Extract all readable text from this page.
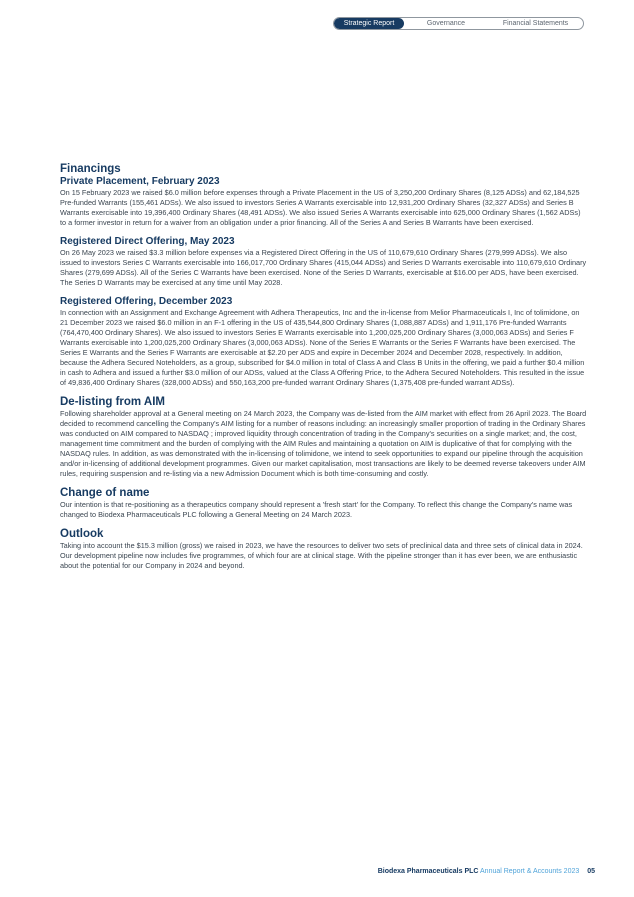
Strategic Report	Governance	Financial Statements
Financings
Private Placement, February 2023

On 15 February 2023 we raised $6.0 million before expenses through a Private Placement in the US of 3,250,200 Ordinary Shares (8,125 ADSs) and 62,184,525 Pre-funded Warrants (155,461 ADSs). We also issued to investors Series A Warrants exercisable into 12,931,200 Ordinary Shares (32,327 ADSs) and Series B Warrants exercisable into 19,396,400 Ordinary Shares (48,491 ADSs). We also issued Series A Warrants exercisable into 625,000 Ordinary Shares (1,562 ADSs) to a former investor in return for a waiver from an obligation under a prior financing. All of the Series A and Series B Warrants have been exercised.

Registered Direct Offering, May 2023

On 26 May 2023 we raised $3.3 million before expenses via a Registered Direct Offering in the US of 110,679,610 Ordinary Shares (279,999 ADSs). We also issued to investors Series C Warrants exercisable into 166,017,700 Ordinary Shares (415,044 ADSs) and Series D Warrants exercisable into 110,679,610 Ordinary Shares (279,699 ADSs). All of the Series C Warrants have been exercised. None of the Series D Warrants, exercisable at $16.00 per ADS, have been exercised. The Series D Warrants may be exercised at any time until May 2028.

Registered Offering, December 2023

In connection with an Assignment and Exchange Agreement with Adhera Therapeutics, Inc and the in-license from Melior Pharmaceuticals I, Inc of tolimidone, on 21 December 2023 we raised $6.0 million in an F-1 offering in the US of 435,544,800 Ordinary Shares (1,088,887 ADSs) and 1,911,176 Pre-funded Warrants (764,470,400 Ordinary Shares). We also issued to investors Series E Warrants exercisable into 1,200,025,200 Ordinary Shares (3,000,063 ADSs) and Series F Warrants exercisable into 1,200,025,200 Ordinary Shares (3,000,063 ADSs). None of the Series E Warrants or the Series F Warrants have been exercised. The Series E Warrants and the Series F Warrants are exercisable at $2.20 per ADS and expire in December 2024 and December 2028, respectively. In addition, because the Adhera Secured Noteholders, as a group, subscribed for $4.0 million in total of Class A and Class B Units in the offering, we paid a further $0.4 million in cash to Adhera and issued a further $3.0 million of our ADSs, valued at the Class A Offering Price, to the Adhera Secured Noteholders. This resulted in the issue of 49,836,400 Ordinary Shares (328,000 ADSs) and 550,163,200 pre-funded warrant Ordinary Shares (1,375,408 pre-funded warrant ADSs).

De-listing from AIM

Following shareholder approval at a General meeting on 24 March 2023, the Company was de-listed from the AIM market with effect from 26 April 2023. The Board decided to recommend cancelling the Company's AIM listing for a number of reasons including: an increasingly smaller proportion of trading in the Ordinary Shares was conducted on AIM compared to NASDAQ ; improved liquidity through concentration of trading in the Company's securities on a single market; and, the cost, management time commitment and the burden of complying with the AIM Rules and maintaining a quotation on AIM is duplicative of that for complying with the NASDAQ rules. In addition, as was demonstrated with the in-licensing of tolimidone, we intend to seek opportunities to expand our pipeline through the acquisition and/or in-licensing of additional development programmes. Given our market capitalisation, most transactions are likely to be deemed reverse takeovers under AIM rules, requiring suspension and re-listing via a new Admission Document which is both time-consuming and costly.

Change of name

Our intention is that re-positioning as a therapeutics company should represent a 'fresh start' for the Company. To reflect this change the Company's name was changed to Biodexa Pharmaceuticals PLC following a General Meeting on 24 March 2023.

Outlook

Taking into account the $15.3 million (gross) we raised in 2023, we have the resources to deliver two sets of preclinical data and three sets of clinical data in 2024. Our development pipeline now includes five programmes, of which four are at clinical stage. With the pipeline stronger than it has ever been, we are enthusiastic about the potential for our Company in 2024 and beyond.

Biodexa Pharmaceuticals PLC Annual Report & Accounts 2023 05
